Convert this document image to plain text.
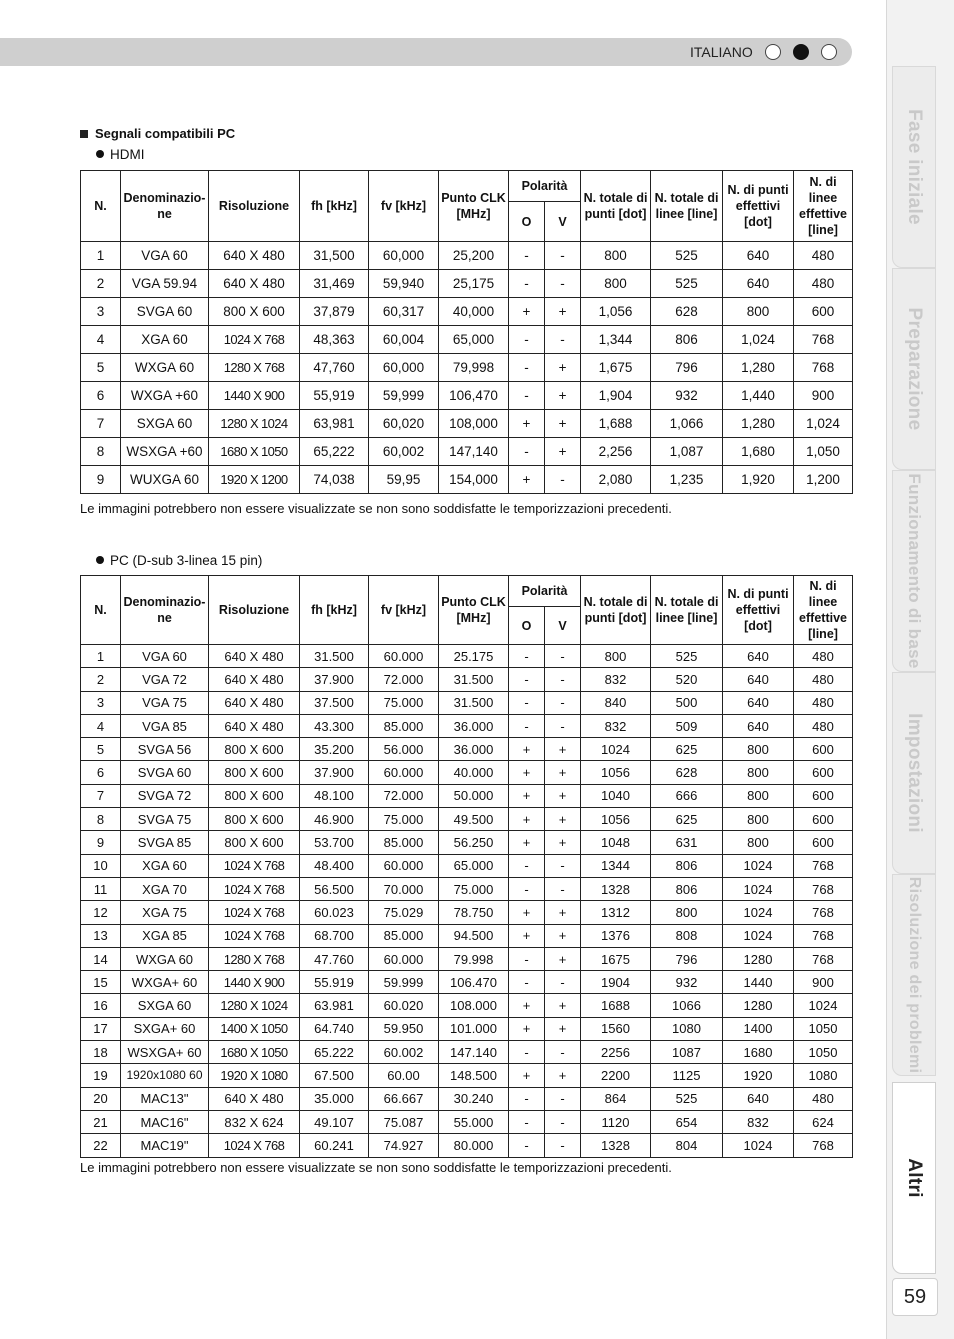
ITALIANO
Fase iniziale
Preparazione
Funzionamento di base
Impostazioni
Risoluzione dei problemi
Altri
59
Segnali compatibili PC
HDMI
N.	Denominazio-ne	Risoluzione	fh [kHz]	fv [kHz]	Punto CLK [MHz]	Polarità		N. totale di punti [dot]	N. totale di linee [line]	N. di punti effettivi [dot]	N. di linee effettive [line]
						O	V				
1	VGA 60	640 X 480	31,500	60,000	25,200	-	-	800	525	640	480
2	VGA 59.94	640 X 480	31,469	59,940	25,175	-	-	800	525	640	480
3	SVGA 60	800 X 600	37,879	60,317	40,000	+	+	1,056	628	800	600
4	XGA 60	1024 X 768	48,363	60,004	65,000	-	-	1,344	806	1,024	768
5	WXGA 60	1280 X 768	47,760	60,000	79,998	-	+	1,675	796	1,280	768
6	WXGA +60	1440 X 900	55,919	59,999	106,470	-	+	1,904	932	1,440	900
7	SXGA 60	1280 X 1024	63,981	60,020	108,000	+	+	1,688	1,066	1,280	1,024
8	WSXGA +60	1680 X 1050	65,222	60,002	147,140	-	+	2,256	1,087	1,680	1,050
9	WUXGA 60	1920 X 1200	74,038	59,95	154,000	+	-	2,080	1,235	1,920	1,200
Le immagini potrebbero non essere visualizzate se non sono soddisfatte le temporizzazioni precedenti.
PC (D-sub 3-linea 15 pin)
N.	Denominazio-ne	Risoluzione	fh [kHz]	fv [kHz]	Punto CLK [MHz]	Polarità		N. totale di punti [dot]	N. totale di linee [line]	N. di punti effettivi [dot]	N. di linee effettive [line]
						O	V				
1	VGA 60	640 X 480	31.500	60.000	25.175	-	-	800	525	640	480
2	VGA 72	640 X 480	37.900	72.000	31.500	-	-	832	520	640	480
3	VGA 75	640 X 480	37.500	75.000	31.500	-	-	840	500	640	480
4	VGA 85	640 X 480	43.300	85.000	36.000	-	-	832	509	640	480
5	SVGA 56	800 X 600	35.200	56.000	36.000	+	+	1024	625	800	600
6	SVGA 60	800 X 600	37.900	60.000	40.000	+	+	1056	628	800	600
7	SVGA 72	800 X 600	48.100	72.000	50.000	+	+	1040	666	800	600
8	SVGA 75	800 X 600	46.900	75.000	49.500	+	+	1056	625	800	600
9	SVGA 85	800 X 600	53.700	85.000	56.250	+	+	1048	631	800	600
10	XGA 60	1024 X 768	48.400	60.000	65.000	-	-	1344	806	1024	768
11	XGA 70	1024 X 768	56.500	70.000	75.000	-	-	1328	806	1024	768
12	XGA 75	1024 X 768	60.023	75.029	78.750	+	+	1312	800	1024	768
13	XGA 85	1024 X 768	68.700	85.000	94.500	+	+	1376	808	1024	768
14	WXGA 60	1280 X 768	47.760	60.000	79.998	-	+	1675	796	1280	768
15	WXGA+ 60	1440 X 900	55.919	59.999	106.470	-	-	1904	932	1440	900
16	SXGA 60	1280 X 1024	63.981	60.020	108.000	+	+	1688	1066	1280	1024
17	SXGA+ 60	1400 X 1050	64.740	59.950	101.000	+	+	1560	1080	1400	1050
18	WSXGA+ 60	1680 X 1050	65.222	60.002	147.140	-	-	2256	1087	1680	1050
19	1920x1080 60	1920 X 1080	67.500	60.00	148.500	+	+	2200	1125	1920	1080
20	MAC13"	640 X 480	35.000	66.667	30.240	-	-	864	525	640	480
21	MAC16"	832 X 624	49.107	75.087	55.000	-	-	1120	654	832	624
22	MAC19"	1024 X 768	60.241	74.927	80.000	-	-	1328	804	1024	768
Le immagini potrebbero non essere visualizzate se non sono soddisfatte le temporizzazioni precedenti.
